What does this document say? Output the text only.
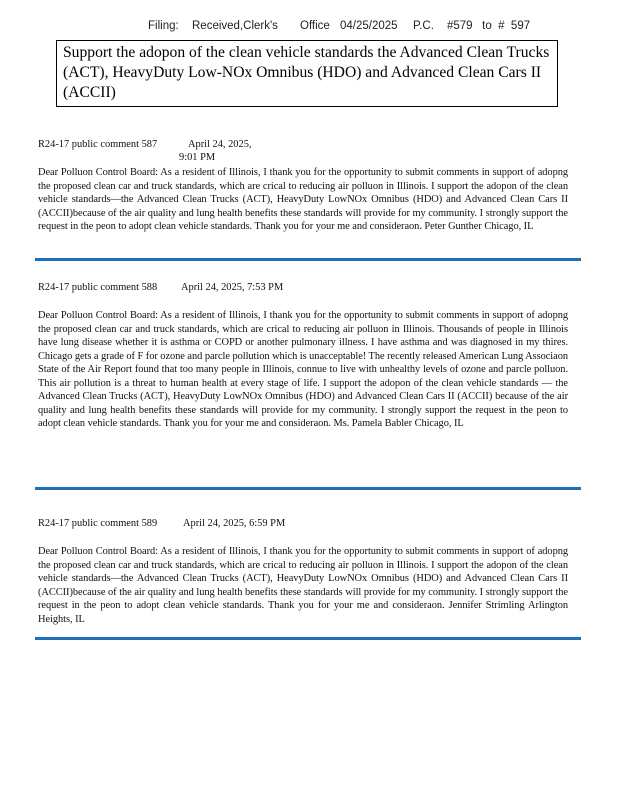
Filing: Received,Clerk's Office 04/25/2025 P.C. #579   to  #  597
Support the adopon of the clean vehicle standards the Advanced Clean Trucks (ACT), HeavyDuty Low-NOx Omnibus (HDO) and Advanced Clean Cars II (ACCII)
R24-17 public comment 587	April 24, 2025,
9:01 PM
Dear Polluon Control Board: As a resident of Illinois, I thank you for the opportunity to submit comments in support of adopng the proposed clean car and truck standards, which are crical to reducing air polluon in Illinois. I support the adopon of the clean vehicle standards—the Advanced Clean Trucks (ACT), HeavyDuty LowNOx Omnibus (HDO) and Advanced Clean Cars II (ACCII)because of the air quality and lung health benefits these standards will provide for my community. I strongly support the request in the peon to adopt clean vehicle standards. Thank you for your me and consideraon. Peter Gunther Chicago, IL
R24-17 public comment 588 April 24, 2025, 7:53 PM
Dear Polluon Control Board: As a resident of Illinois, I thank you for the opportunity to submit comments in support of adopng the proposed clean car and truck standards, which are crical to reducing air polluon in Illinois. Thousands of people in Illinois have lung disease whether it is asthma or COPD or another pulmonary illness. I have asthma and was diagnosed in my thires. Chicago gets a grade of F for ozone and parcle pollution which is unacceptable! The recently released American Lung Associaon State of the Air Report found that too many people in Illinois, connue to live with unhealthy levels of ozone and parcle polluon. This air pollution is a threat to human health at every stage of life. I support the adopon of the clean vehicle standards — the Advanced Clean Trucks (ACT), HeavyDuty LowNOx Omnibus (HDO) and Advanced Clean Cars II (ACCII) because of the air quality and lung health benefits these standards will provide for my community. I strongly support the request in the peon to adopt clean vehicle standards. Thank you for your me and consideraon. Ms. Pamela Babler Chicago, IL
R24-17 public comment 589 April 24, 2025, 6:59 PM
Dear Polluon Control Board: As a resident of Illinois, I thank you for the opportunity to submit comments in support of adopng the proposed clean car and truck standards, which are crical to reducing air polluon in Illinois. I support the adopon of the clean vehicle standards—the Advanced Clean Trucks (ACT), HeavyDuty LowNOx Omnibus (HDO) and Advanced Clean Cars II (ACCII)because of the air quality and lung health benefits these standards will provide for my community. I strongly support the request in the peon to adopt clean vehicle standards. Thank you for your me and consideraon. Jennifer Strimling Arlington Heights, IL
